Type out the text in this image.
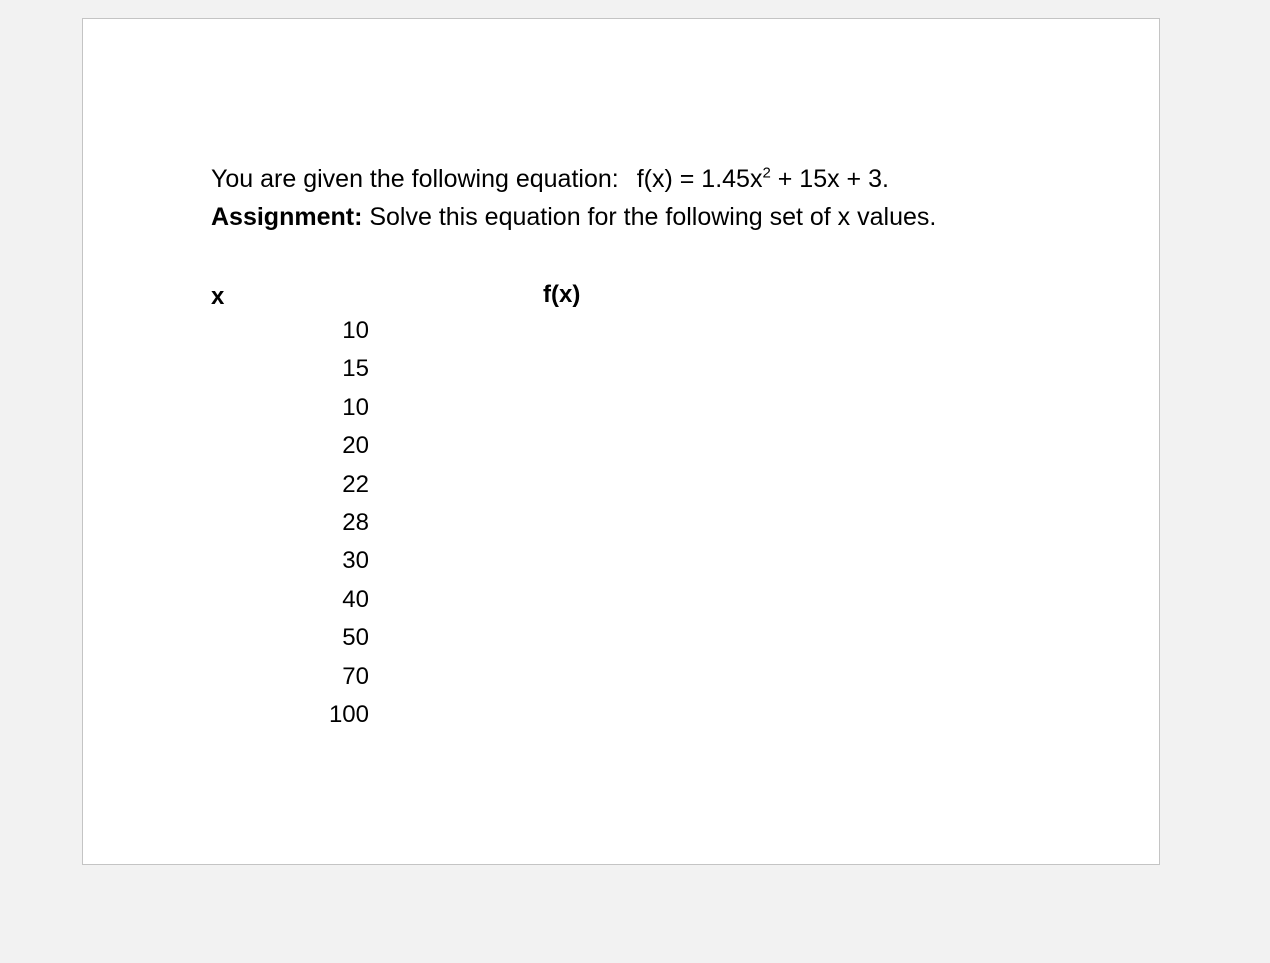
You are given the following equation: $f(x) = 1.45x^2 + 15x + 3$.
Assignment: Solve this equation for the following set of x values.
x	f(x)
10
15
10
20
22
28
30
40
50
70
100
